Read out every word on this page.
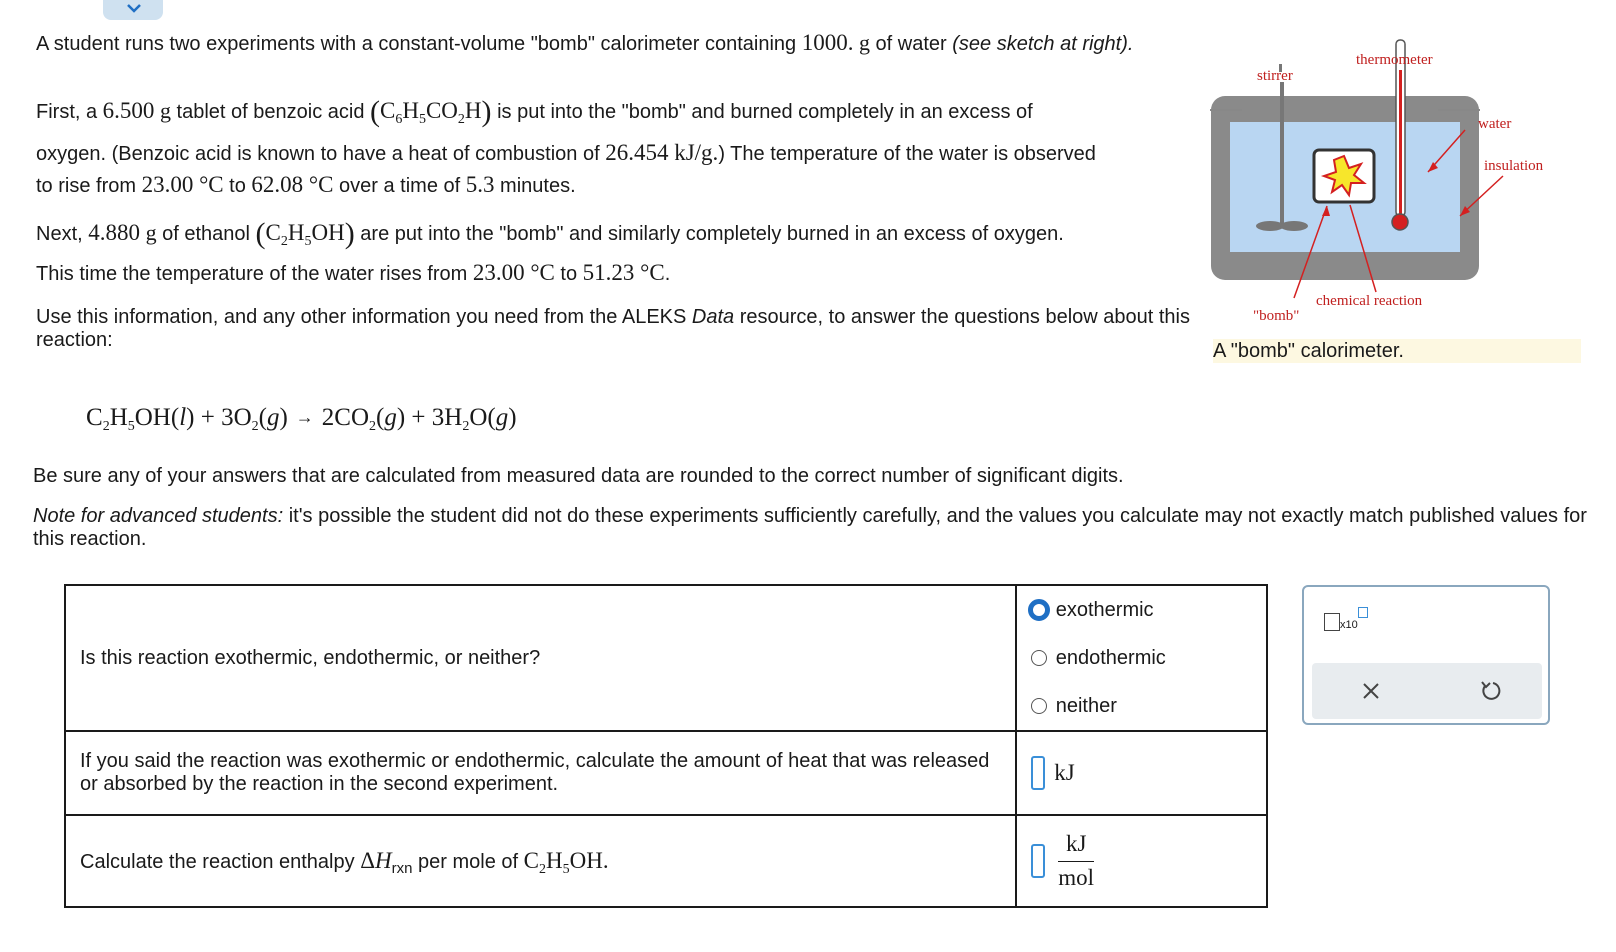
A student runs two experiments with a constant-volume "bomb" calorimeter containing 1000. g of water (see sketch at right).
First, a 6.500 g tablet of benzoic acid $(C_6H_5CO_2H)$ is put into the "bomb" and burned completely in an excess of
oxygen. (Benzoic acid is known to have a heat of combustion of 26.454 kJ/g.) The temperature of the water is observed
to rise from 23.00 °C to 62.08 °C over a time of 5.3 minutes.
Next, 4.880 g of ethanol $(C_2H_5OH)$ are put into the "bomb" and similarly completely burned in an excess of oxygen.
This time the temperature of the water rises from 23.00 °C to 51.23 °C.
Use this information, and any other information you need from the ALEKS Data resource, to answer the questions below about this reaction:
stirrer
thermometer
water
insulation
"bomb"
chemical reaction
A "bomb" calorimeter.
$C_2H_5OH(l) + 3O_2(g) \to 2CO_2(g) + 3H_2O(g)$
Be sure any of your answers that are calculated from measured data are rounded to the correct number of significant digits.
Note for advanced students: it's possible the student did not do these experiments sufficiently carefully, and the values you calculate may not exactly match published values for this reaction.
Is this reaction exothermic, endothermic, or neither?	exothermic
endothermic
neither

If you said the reaction was exothermic or endothermic, calculate the amount of heat that was released or absorbed by the reaction in the second experiment.	kJ
Calculate the reaction enthalpy $\Delta H_{rxn}$ per mole of $C_2H_5OH$.	kJ
mol
x10
